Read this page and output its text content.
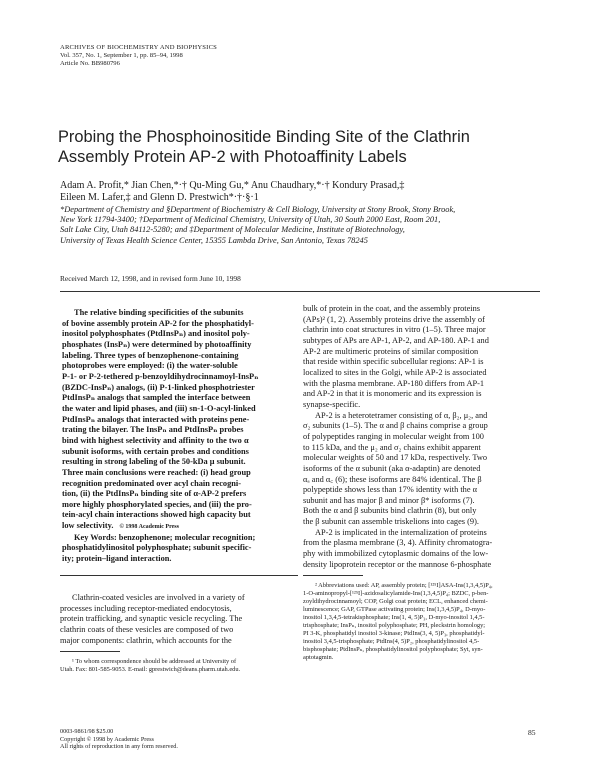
ARCHIVES OF BIOCHEMISTRY AND BIOPHYSICS
Vol. 357, No. 1, September 1, pp. 85–94, 1998
Article No. BB980796
Probing the Phosphoinositide Binding Site of the Clathrin
Assembly Protein AP-2 with Photoaffinity Labels
Adam A. Profit,* Jian Chen,*·† Qu-Ming Gu,* Anu Chaudhary,*·† Kondury Prasad,‡
Eileen M. Lafer,‡ and Glenn D. Prestwich*·†·§·1
*Department of Chemistry and §Department of Biochemistry & Cell Biology, University at Stony Brook, Stony Brook,
New York 11794-3400; †Department of Medicinal Chemistry, University of Utah, 30 South 2000 East, Room 201,
Salt Lake City, Utah 84112-5280; and ‡Department of Molecular Medicine, Institute of Biotechnology,
University of Texas Health Science Center, 15355 Lambda Drive, San Antonio, Texas 78245
Received March 12, 1998, and in revised form June 10, 1998
The relative binding specificities of the subunits
of bovine assembly protein AP-2 for the phosphatidyl-
inositol polyphosphates (PtdInsPₙ) and inositol poly-
phosphates (InsPₙ) were determined by photoaffinity
labeling. Three types of benzophenone-containing
photoprobes were employed: (i) the water-soluble
P-1- or P-2-tethered p-benzoyldihydrocinnamoyl-InsPₙ
(BZDC-InsPₙ) analogs, (ii) P-1-linked phosphotriester
PtdInsPₙ analogs that sampled the interface between
the water and lipid phases, and (iii) sn-1-O-acyl-linked
PtdInsPₙ analogs that interacted with proteins pene-
trating the bilayer. The InsPₙ and PtdInsPₙ probes
bind with highest selectivity and affinity to the two α
subunit isoforms, with certain probes and conditions
resulting in strong labeling of the 50-kDa μ subunit.
Three main conclusions were reached: (i) head group
recognition predominated over acyl chain recogni-
tion, (ii) the PtdInsPₙ binding site of α-AP-2 prefers
more highly phosphorylated species, and (iii) the pro-
tein-acyl chain interactions showed high capacity but
low selectivity. © 1998 Academic Press
Key Words: benzophenone; molecular recognition;
phosphatidylinositol polyphosphate; subunit specific-
ity; protein–ligand interaction.
Clathrin-coated vesicles are involved in a variety of
processes including receptor-mediated endocytosis,
protein trafficking, and synaptic vesicle recycling. The
clathrin coats of these vesicles are composed of two
major components: clathrin, which accounts for the
¹ To whom correspondence should be addressed at University of
Utah. Fax: 801-585-9053. E-mail: gprestwich@deans.pharm.utah.edu.
bulk of protein in the coat, and the assembly proteins
(APs)² (1, 2). Assembly proteins drive the assembly of
clathrin into coat structures in vitro (1–5). Three major
subtypes of APs are AP-1, AP-2, and AP-180. AP-1 and
AP-2 are multimeric proteins of similar composition
that reside within specific subcellular regions: AP-1 is
localized to sites in the Golgi, while AP-2 is associated
with the plasma membrane. AP-180 differs from AP-1
and AP-2 in that it is monomeric and its expression is
synapse-specific.
AP-2 is a heterotetramer consisting of α, β₂, μ₂, and
σ₂ subunits (1–5). The α and β chains comprise a group
of polypeptides ranging in molecular weight from 100
to 115 kDa, and the μ₂ and σ₂ chains exhibit apparent
molecular weights of 50 and 17 kDa, respectively. Two
isoforms of the α subunit (aka α-adaptin) are denoted
αₐ and α꜀ (6); these isoforms are 84% identical. The β
polypeptide shows less than 17% identity with the α
subunit and has major β and minor β* isoforms (7).
Both the α and β subunits bind clathrin (8), but only
the β subunit can assemble triskelions into cages (9).
AP-2 is implicated in the internalization of proteins
from the plasma membrane (3, 4). Affinity chromatogra-
phy with immobilized cytoplasmic domains of the low-
density lipoprotein receptor or the mannose 6-phosphate
² Abbreviations used: AP, assembly protein; [¹²⁵I]ASA-Ins(1,3,4,5)P₄,
1-O-aminopropyl-[¹²⁵I]-azidosalicylamide-Ins(1,3,4,5)P₄; BZDC, p-ben-
zoyldihydrocinnamoyl; COP, Golgi coat protein; ECL, enhanced chemi-
luminescence; GAP, GTPase activating protein; Ins(1,3,4,5)P₄, D-myo-
inositol 1,3,4,5-tetrakisphosphate; Ins(1, 4, 5)P₃, D-myo-inositol 1,4,5-
trisphosphate; InsPₙ, inositol polyphosphate; PH, pleckstrin homology;
PI 3-K, phosphatidyl inositol 3-kinase; PtdIns(3, 4, 5)P₃, phosphatidyl-
inositol 3,4,5-trisphosphate; PtdIns(4, 5)P₂, phosphatidylinositol 4,5-
bisphosphate; PtdInsPₙ, phosphatidylinositol polyphosphate; Syt, syn-
aptotagmin.
0003-9861/98 $25.00
Copyright © 1998 by Academic Press
All rights of reproduction in any form reserved.
85
